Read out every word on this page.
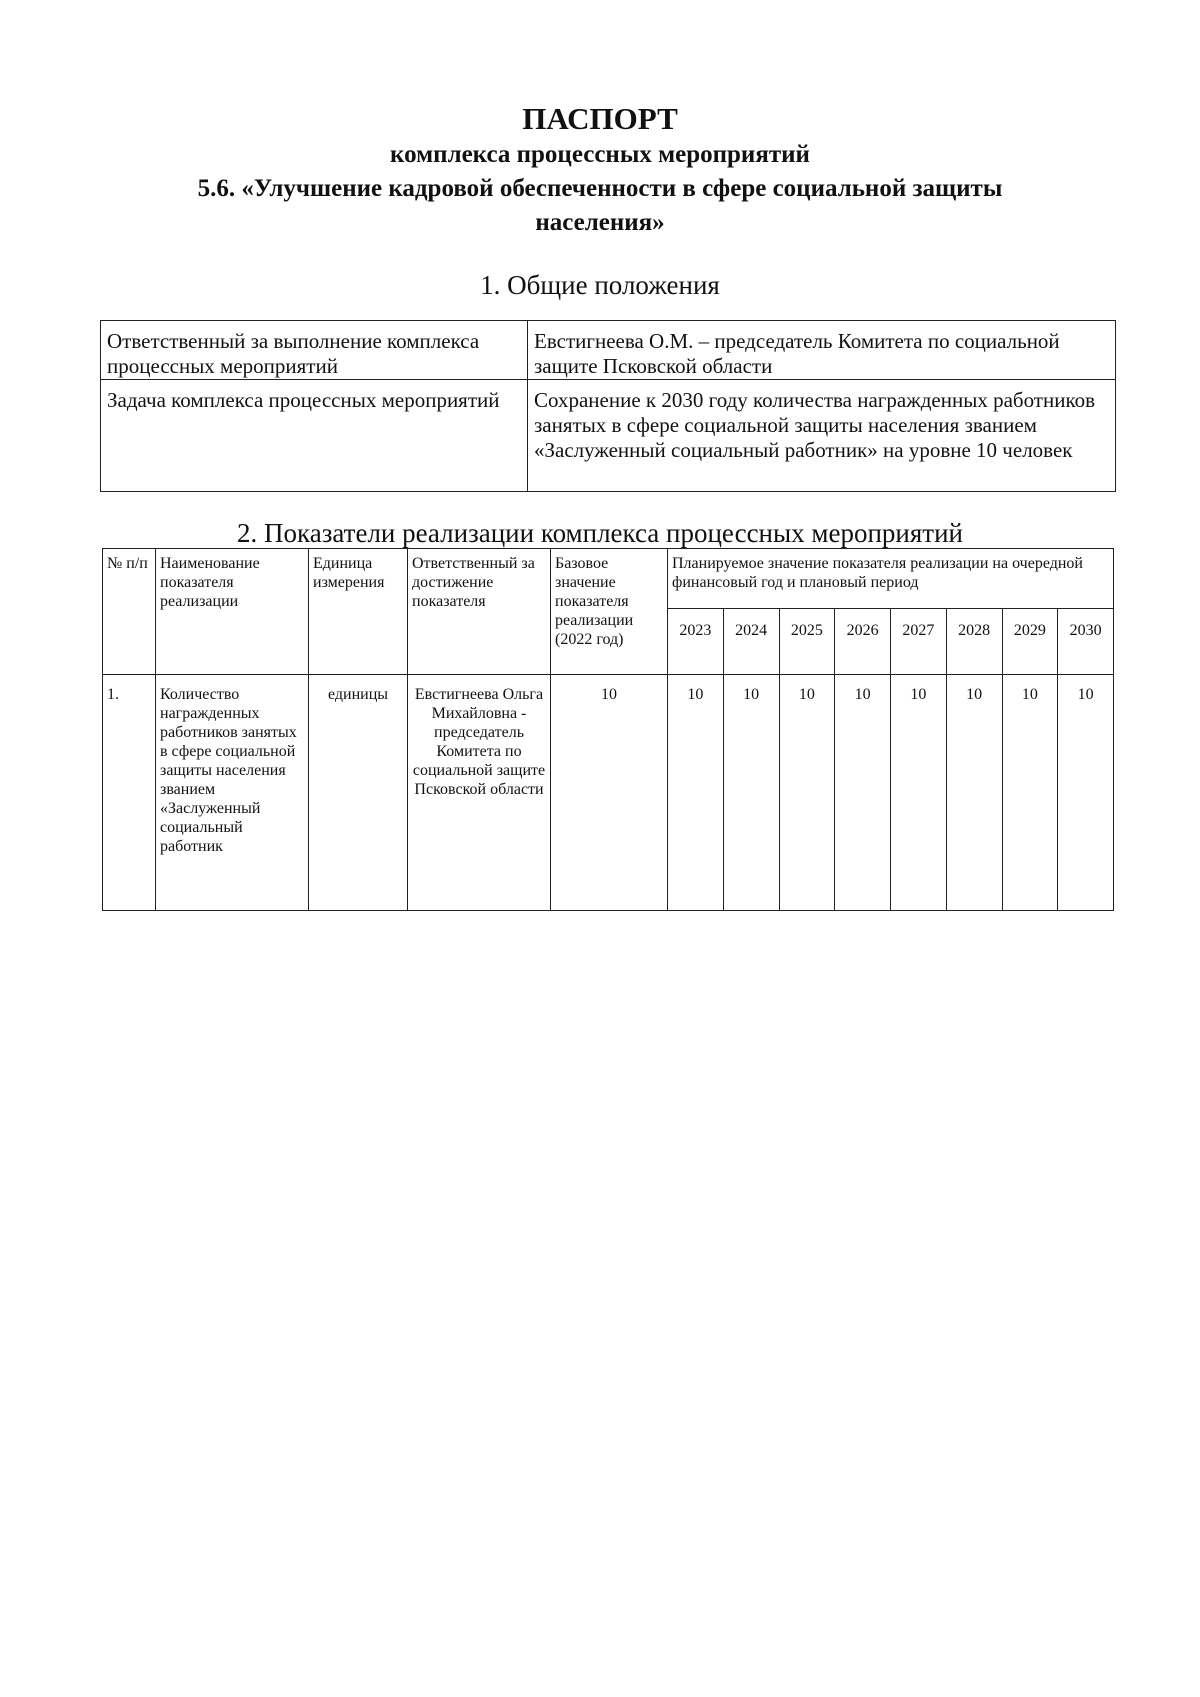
ПАСПОРТ
комплекса процессных мероприятий
5.6. «Улучшение кадровой обеспеченности в сфере социальной защиты
населения»
1. Общие положения
Ответственный за выполнение комплекса процессных мероприятий	Евстигнеева О.М. – председатель Комитета по социальной защите Псковской области
Задача комплекса процессных мероприятий	Сохранение к 2030 году количества награжденных работников занятых в сфере социальной защиты населения званием «Заслуженный социальный работник» на уровне 10 человек
2. Показатели реализации комплекса процессных мероприятий
№ п/п	Наименование показателя реализации	Единица измерения	Ответственный за достижение показателя	Базовое значение показателя реализации (2022 год)	Планируемое значение показателя реализации на очередной финансовый год и плановый период							
					2023	2024	2025	2026	2027	2028	2029	2030
1.	Количество награжденных работников занятых в сфере социальной защиты населения званием «Заслуженный социальный работник	единицы	Евстигнеева Ольга Михайловна - председатель Комитета по социальной защите Псковской области	10	10	10	10	10	10	10	10	10
